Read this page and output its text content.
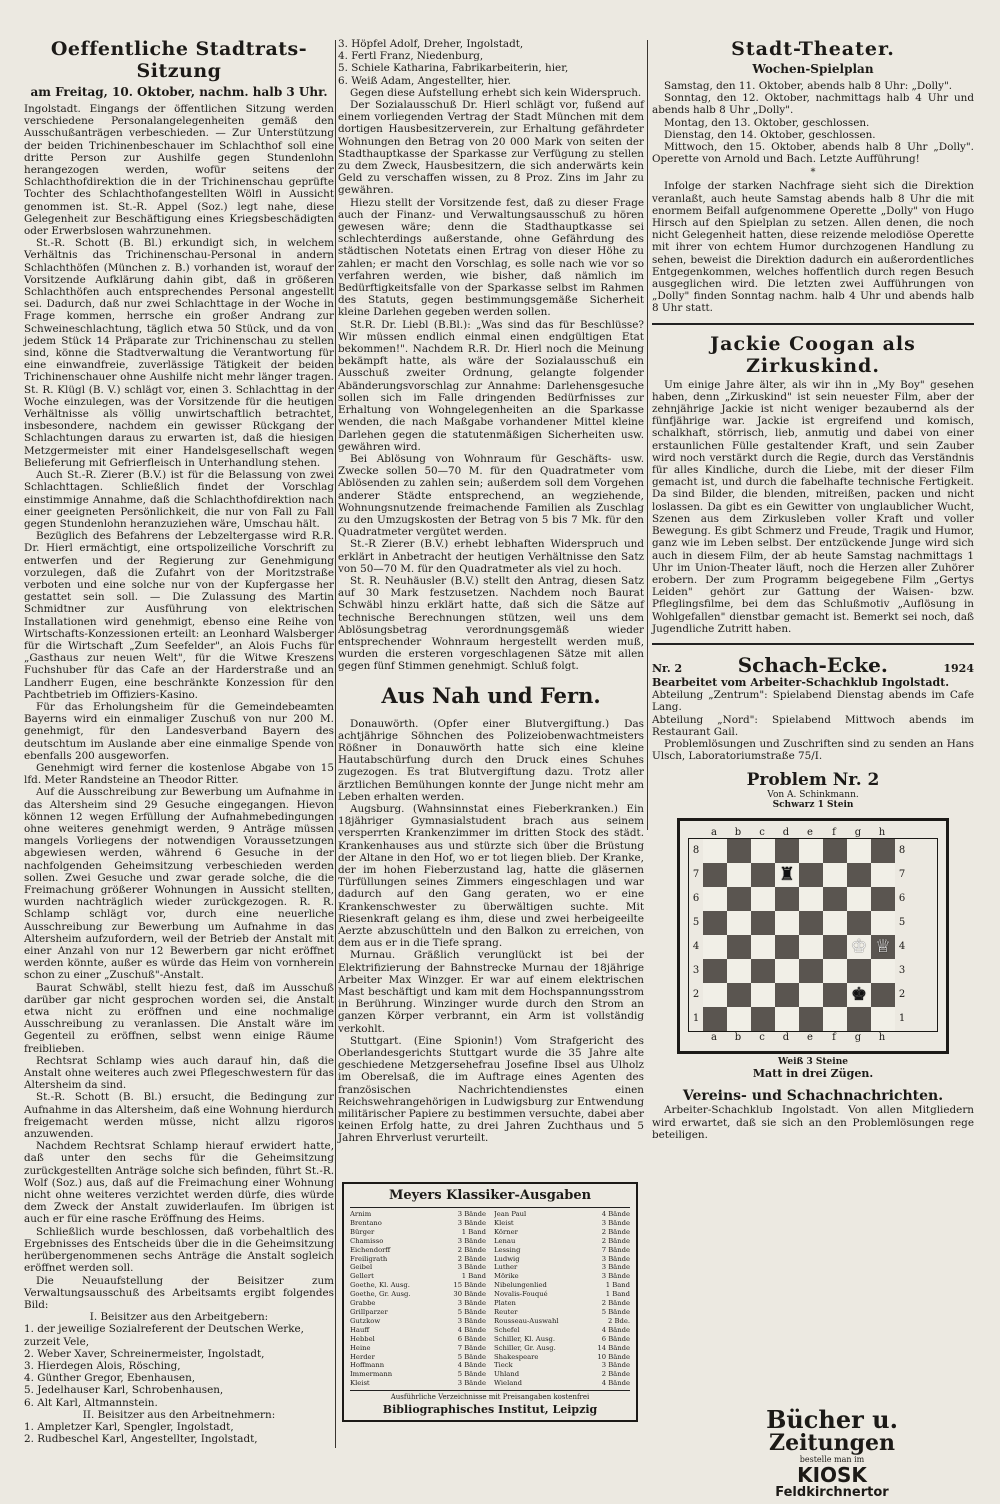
Oeffentliche Stadtrats-Sitzung
am Freitag, 10. Oktober, nachm. halb 3 Uhr.

Ingolstadt. Eingangs der öffentlichen Sitzung werden verschiedene Personalangelegenheiten gemäß den Ausschußanträgen verbeschieden. — Zur Unterstützung der beiden Trichinenbeschauer im Schlachthof soll eine dritte Person zur Aushilfe gegen Stundenlohn herangezogen werden, wofür seitens der Schlachthofdirektion die in der Trichinenschau geprüfte Tochter des Schlachthofangestellten Wölfl in Aussicht genommen ist. St.-R. Appel (Soz.) legt nahe, diese Gelegenheit zur Beschäftigung eines Kriegsbeschädigten oder Erwerbslosen wahrzunehmen.

St.-R. Schott (B. Bl.) erkundigt sich, in welchem Verhältnis das Trichinenschau-Personal in andern Schlachthöfen (München z. B.) vorhanden ist, worauf der Vorsitzende Aufklärung dahin gibt, daß in größeren Schlachthöfen auch entsprechendes Personal angestellt sei. Dadurch, daß nur zwei Schlachttage in der Woche in Frage kommen, herrsche ein großer Andrang zur Schweineschlachtung, täglich etwa 50 Stück, und da von jedem Stück 14 Präparate zur Trichinenschau zu stellen sind, könne die Stadtverwaltung die Verantwortung für eine einwandfreie, zuverlässige Tätigkeit der beiden Trichinenschauer ohne Aushilfe nicht mehr länger tragen. St. R. Klügl (B. V.) schlägt vor, einen 3. Schlachttag in der Woche einzulegen, was der Vorsitzende für die heutigen Verhältnisse als völlig unwirtschaftlich betrachtet, insbesondere, nachdem ein gewisser Rückgang der Schlachtungen daraus zu erwarten ist, daß die hiesigen Metzgermeister mit einer Handelsgesellschaft wegen Belieferung mit Gefrierfleisch in Unterhandlung stehen.

Auch St.-R. Zierer (B.V.) ist für die Belassung von zwei Schlachttagen. Schließlich findet der Vorschlag einstimmige Annahme, daß die Schlachthofdirektion nach einer geeigneten Persönlichkeit, die nur von Fall zu Fall gegen Stundenlohn heranzuziehen wäre, Umschau hält.

Bezüglich des Befahrens der Lebzeltergasse wird R.R. Dr. Hierl ermächtigt, eine ortspolizeiliche Vorschrift zu entwerfen und der Regierung zur Genehmigung vorzulegen, daß die Zufahrt von der Moritzstraße verboten und eine solche nur von der Kupfergasse her gestattet sein soll. — Die Zulassung des Martin Schmidtner zur Ausführung von elektrischen Installationen wird genehmigt, ebenso eine Reihe von Wirtschafts-Konzessionen erteilt: an Leonhard Walsberger für die Wirtschaft „Zum Seefelder", an Alois Fuchs für „Gasthaus zur neuen Welt", für die Witwe Kreszens Fuchshuber für das Cafe an der Harderstraße und an Landherr Eugen, eine beschränkte Konzession für den Pachtbetrieb im Offiziers-Kasino.

Für das Erholungsheim für die Gemeindebeamten Bayerns wird ein einmaliger Zuschuß von nur 200 M. genehmigt, für den Landesverband Bayern des deutschtum im Auslande aber eine einmalige Spende von ebenfalls 200 ausgeworfen.

Genehmigt wird ferner die kostenlose Abgabe von 15 lfd. Meter Randsteine an Theodor Ritter.

Auf die Ausschreibung zur Bewerbung um Aufnahme in das Altersheim sind 29 Gesuche eingegangen. Hievon können 12 wegen Erfüllung der Aufnahmebedingungen ohne weiteres genehmigt werden, 9 Anträge müssen mangels Vorliegens der notwendigen Voraussetzungen abgewiesen werden, während 6 Gesuche in der nachfolgenden Geheimsitzung verbeschieden werden sollen. Zwei Gesuche und zwar gerade solche, die die Freimachung größerer Wohnungen in Aussicht stellten, wurden nachträglich wieder zurückgezogen. R. R. Schlamp schlägt vor, durch eine neuerliche Ausschreibung zur Bewerbung um Aufnahme in das Altersheim aufzufordern, weil der Betrieb der Anstalt mit einer Anzahl von nur 12 Bewerbern gar nicht eröffnet werden könnte, außer es würde das Heim von vornherein schon zu einer „Zuschuß"-Anstalt.

Baurat Schwäbl, stellt hiezu fest, daß im Ausschuß darüber gar nicht gesprochen worden sei, die Anstalt etwa nicht zu eröffnen und eine nochmalige Ausschreibung zu veranlassen. Die Anstalt wäre im Gegenteil zu eröffnen, selbst wenn einige Räume freiblieben.

Rechtsrat Schlamp wies auch darauf hin, daß die Anstalt ohne weiteres auch zwei Pflegeschwestern für das Altersheim da sind.

St.-R. Schott (B. Bl.) ersucht, die Bedingung zur Aufnahme in das Altersheim, daß eine Wohnung hierdurch freigemacht werden müsse, nicht allzu rigoros anzuwenden.

Nachdem Rechtsrat Schlamp hierauf erwidert hatte, daß unter den sechs für die Geheimsitzung zurückgestellten Anträge solche sich befinden, führt St.-R. Wolf (Soz.) aus, daß auf die Freimachung einer Wohnung nicht ohne weiteres verzichtet werden dürfe, dies würde dem Zweck der Anstalt zuwiderlaufen. Im übrigen ist auch er für eine rasche Eröffnung des Heims.

Schließlich wurde beschlossen, daß vorbehaltlich des Ergebnisses des Entscheids über die in die Geheimsitzung herübergenommenen sechs Anträge die Anstalt sogleich eröffnet werden soll.

Die Neuaufstellung der Beisitzer zum Verwaltungsausschuß des Arbeitsamts ergibt folgendes Bild:

I. Beisitzer aus den Arbeitgebern:
1. der jeweilige Sozialreferent der Deutschen Werke, zurzeit Vele,
2. Weber Xaver, Schreinermeister, Ingolstadt,
3. Hierdegen Alois, Rösching,
4. Günther Gregor, Ebenhausen,
5. Jedelhauser Karl, Schrobenhausen,
6. Alt Karl, Altmannstein.
II. Beisitzer aus den Arbeitnehmern:
1. Ampletzer Karl, Spengler, Ingolstadt,
2. Rudbeschel Karl, Angestellter, Ingolstadt,
3. Höpfel Adolf, Dreher, Ingolstadt,
4. Fertl Franz, Niedenburg,
5. Schiele Katharina, Fabrikarbeiterin, hier,
6. Weiß Adam, Angestellter, hier.

Gegen diese Aufstellung erhebt sich kein Widerspruch.

Der Sozialausschuß Dr. Hierl schlägt vor, fußend auf einem vorliegenden Vertrag der Stadt München mit dem dortigen Hausbesitzerverein, zur Erhaltung gefährdeter Wohnungen den Betrag von 20 000 Mark von seiten der Stadthauptkasse der Sparkasse zur Verfügung zu stellen zu dem Zweck, Hausbesitzern, die sich anderwärts kein Geld zu verschaffen wissen, zu 8 Proz. Zins im Jahr zu gewähren.

Hiezu stellt der Vorsitzende fest, daß zu dieser Frage auch der Finanz- und Verwaltungsausschuß zu hören gewesen wäre; denn die Stadthauptkasse sei schlechterdings außerstande, ohne Gefährdung des städtischen Notetats einen Ertrag von dieser Höhe zu zahlen; er macht den Vorschlag, es solle nach wie vor so verfahren werden, wie bisher, daß nämlich im Bedürftigkeitsfalle von der Sparkasse selbst im Rahmen des Statuts, gegen bestimmungsgemäße Sicherheit kleine Darlehen gegeben werden sollen.

St.R. Dr. Liebl (B.Bl.): „Was sind das für Beschlüsse? Wir müssen endlich einmal einen endgültigen Etat bekommen!". Nachdem R.R. Dr. Hierl noch die Meinung bekämpft hatte, als wäre der Sozialausschuß ein Ausschuß zweiter Ordnung, gelangte folgender Abänderungsvorschlag zur Annahme: Darlehensgesuche sollen sich im Falle dringenden Bedürfnisses zur Erhaltung von Wohngelegenheiten an die Sparkasse wenden, die nach Maßgabe vorhandener Mittel kleine Darlehen gegen die statutenmäßigen Sicherheiten usw. gewähren wird.

Bei Ablösung von Wohnraum für Geschäfts- usw. Zwecke sollen 50—70 M. für den Quadratmeter vom Ablösenden zu zahlen sein; außerdem soll dem Vorgehen anderer Städte entsprechend, an wegziehende, Wohnungsnutzende freimachende Familien als Zuschlag zu den Umzugskosten der Betrag von 5 bis 7 Mk. für den Quadratmeter vergütet werden.

St.-R Zierer (B.V.) erhebt lebhaften Widerspruch und erklärt in Anbetracht der heutigen Verhältnisse den Satz von 50—70 M. für den Quadratmeter als viel zu hoch.

St. R. Neuhäusler (B.V.) stellt den Antrag, diesen Satz auf 30 Mark festzusetzen. Nachdem noch Baurat Schwäbl hinzu erklärt hatte, daß sich die Sätze auf technische Berechnungen stützen, weil uns dem Ablösungsbetrag verordnungsgemäß wieder entsprechender Wohnraum hergestellt werden muß, wurden die ersteren vorgeschlagenen Sätze mit allen gegen fünf Stimmen genehmigt. Schluß folgt.

Aus Nah und Fern.

Donauwörth. (Opfer einer Blutvergiftung.) Das achtjährige Söhnchen des Polizeiobenwachtmeisters Rößner in Donauwörth hatte sich eine kleine Hautabschürfung durch den Druck eines Schuhes zugezogen. Es trat Blutvergiftung dazu. Trotz aller ärztlichen Bemühungen konnte der Junge nicht mehr am Leben erhalten werden.

Augsburg. (Wahnsinnstat eines Fieberkranken.) Ein 18jähriger Gymnasialstudent brach aus seinem versperrten Krankenzimmer im dritten Stock des städt. Krankenhauses aus und stürzte sich über die Brüstung der Altane in den Hof, wo er tot liegen blieb. Der Kranke, der im hohen Fieberzustand lag, hatte die gläsernen Türfüllungen seines Zimmers eingeschlagen und war dadurch auf den Gang geraten, wo er eine Krankenschwester zu überwältigen suchte. Mit Riesenkraft gelang es ihm, diese und zwei herbeigeeilte Aerzte abzuschütteln und den Balkon zu erreichen, von dem aus er in die Tiefe sprang.

Murnau. Gräßlich verunglückt ist bei der Elektrifizierung der Bahnstrecke Murnau der 18jährige Arbeiter Max Winzger. Er war auf einem elektrischen Mast beschäftigt und kam mit dem Hochspannungsstrom in Berührung. Winzinger wurde durch den Strom an ganzen Körper verbrannt, ein Arm ist vollständig verkohlt.

Stuttgart. (Eine Spionin!) Vom Strafgericht des Oberlandesgerichts Stuttgart wurde die 35 Jahre alte geschiedene Metzgersehefrau Josefine Ibsel aus Ulholz im Oberelsaß, die im Auftrage eines Agenten des französischen Nachrichtendienstes einen Reichswehrangehörigen in Ludwigsburg zur Entwendung militärischer Papiere zu bestimmen versuchte, dabei aber keinen Erfolg hatte, zu drei Jahren Zuchthaus und 5 Jahren Ehrverlust verurteilt.

Meyers Klassiker-Ausgaben
Arnim	3 Bände Jean Paul	4 Bände
Brentano	3 Bände Kleist	3 Bände
Bürger	1 Band Körner	2 Bände
Chamisso	3 Bände Lenau	2 Bände
Eichendorff	2 Bände Lessing	7 Bände
Freiligrath	2 Bände Ludwig	3 Bände
Geibel	3 Bände Luther	3 Bände
Gellert	1 Band Mörike	3 Bände
Goethe, Kl. Ausg.	15 Bände Nibelungenlied	1 Band
Goethe, Gr. Ausg.	30 Bände Novalis-Fouqué	1 Band
Grabbe	3 Bände Platen	2 Bände
Grillparzer	5 Bände Reuter	5 Bände
Gutzkow	3 Bände Rousseau-Auswahl	2 Bde.
Hauff	4 Bände Schefel	4 Bände
Hebbel	6 Bände Schiller, Kl. Ausg.	6 Bände
Heine	7 Bände Schiller, Gr. Ausg.	14 Bände
Herder	5 Bände Shakespeare	10 Bände
Hoffmann	4 Bände Tieck	3 Bände
Immermann	5 Bände Uhland	2 Bände
Kleist	3 Bände Wieland	4 Bände
Ausführliche Verzeichnisse mit Preisangaben kostenfrei
Bibliographisches Institut, Leipzig
Stadt-Theater.
Wochen-Spielplan

Samstag, den 11. Oktober, abends halb 8 Uhr: „Dolly".

Sonntag, den 12. Oktober, nachmittags halb 4 Uhr und abends halb 8 Uhr „Dolly".

Montag, den 13. Oktober, geschlossen.

Dienstag, den 14. Oktober, geschlossen.

Mittwoch, den 15. Oktober, abends halb 8 Uhr „Dolly". Operette von Arnold und Bach. Letzte Aufführung!

*

Infolge der starken Nachfrage sieht sich die Direktion veranlaßt, auch heute Samstag abends halb 8 Uhr die mit enormem Beifall aufgenommene Operette „Dolly" von Hugo Hirsch auf den Spielplan zu setzen. Allen denen, die noch nicht Gelegenheit hatten, diese reizende melodiöse Operette mit ihrer von echtem Humor durchzogenen Handlung zu sehen, beweist die Direktion dadurch ein außerordentliches Entgegenkommen, welches hoffentlich durch regen Besuch ausgeglichen wird. Die letzten zwei Aufführungen von „Dolly" finden Sonntag nachm. halb 4 Uhr und abends halb 8 Uhr statt.

Jackie Coogan als Zirkuskind.

Um einige Jahre älter, als wir ihn in „My Boy" gesehen haben, denn „Zirkuskind" ist sein neuester Film, aber der zehnjährige Jackie ist nicht weniger bezaubernd als der fünfjährige war. Jackie ist ergreifend und komisch, schalkhaft, störrisch, lieb, anmutig und dabei von einer erstaunlichen Fülle gestaltender Kraft, und sein Zauber wird noch verstärkt durch die Regie, durch das Verständnis für alles Kindliche, durch die Liebe, mit der dieser Film gemacht ist, und durch die fabelhafte technische Fertigkeit. Da sind Bilder, die blenden, mitreißen, packen und nicht loslassen. Da gibt es ein Gewitter von unglaublicher Wucht, Szenen aus dem Zirkusleben voller Kraft und voller Bewegung. Es gibt Schmerz und Freude, Tragik und Humor, ganz wie im Leben selbst. Der entzückende Junge wird sich auch in diesem Film, der ab heute Samstag nachmittags 1 Uhr im Union-Theater läuft, noch die Herzen aller Zuhörer erobern. Der zum Programm beigegebene Film „Gertys Leiden" gehört zur Gattung der Waisen- bzw. Pfleglingsfilme, bei dem das Schlußmotiv „Auflösung in Wohlgefallen" dienstbar gemacht ist. Bemerkt sei noch, daß Jugendliche Zutritt haben.

Nr. 2	Schach-Ecke.	1924

Bearbeitet vom Arbeiter-Schachklub Ingolstadt.

Abteilung „Zentrum": Spielabend Dienstag abends im Cafe Lang.

Abteilung „Nord": Spielabend Mittwoch abends im Restaurant Gail.

Problemlösungen und Zuschriften sind zu senden an Hans Ulsch, Laboratoriumstraße 75/I.

Problem Nr. 2
Von A. Schinkmann.
Schwarz 1 Stein
a	b	c	d	e	f	g	h
8	8
7	♜	7
6	6
5	5
4	♔ ♕ 4
3	3
2	♚	2
1	1
a	b	c	d	e	f	g	h
Weiß 3 Steine
Matt in drei Zügen.
Vereins- und Schachnachrichten.

Arbeiter-Schachklub Ingolstadt. Von allen Mitgliedern wird erwartet, daß sie sich an den Problemlösungen rege beteiligen.

Bücher u.
Zeitungen
bestelle man im
KIOSK
Feldkirchnertor
